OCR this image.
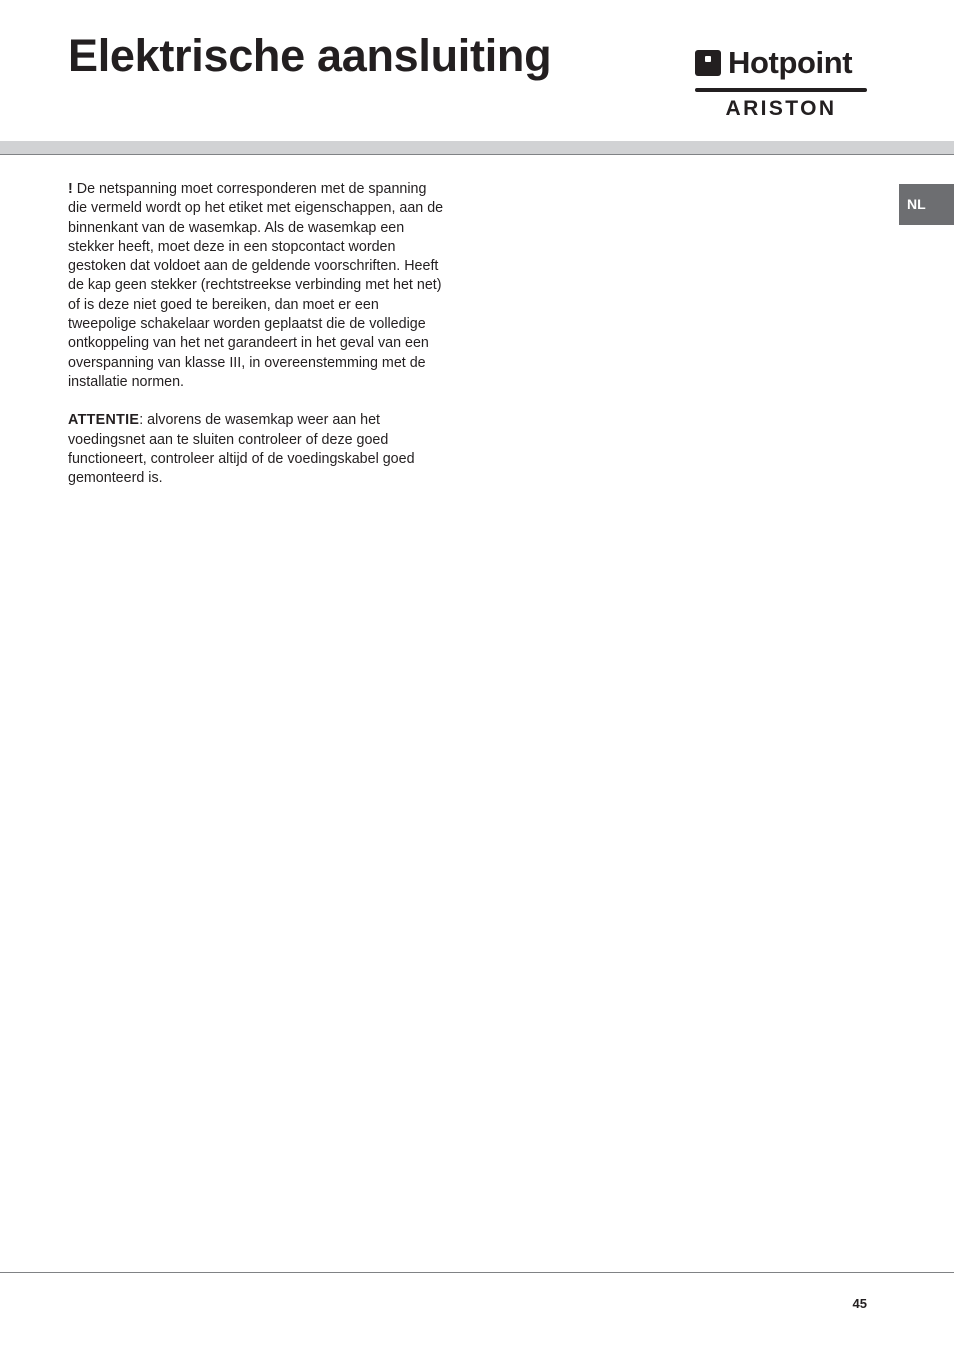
Elektrische aansluiting	Hotpoint
ARISTON
NL

! De netspanning moet corresponderen met de spanning die vermeld wordt op het etiket met eigenschappen, aan de binnenkant van de wasemkap. Als de wasemkap een stekker heeft, moet deze in een stopcontact worden gestoken dat voldoet aan de geldende voorschriften. Heeft de kap geen stekker (rechtstreekse verbinding met het net) of is deze niet goed te bereiken, dan moet er een tweepolige schakelaar worden geplaatst die de volledige ontkoppeling van het net garandeert in het geval van een overspanning van klasse III, in overeenstemming met de installatie normen.

ATTENTIE: alvorens de wasemkap weer aan het voedingsnet aan te sluiten controleer of deze goed functioneert, controleer altijd of de voedingskabel goed gemonteerd is.

45
